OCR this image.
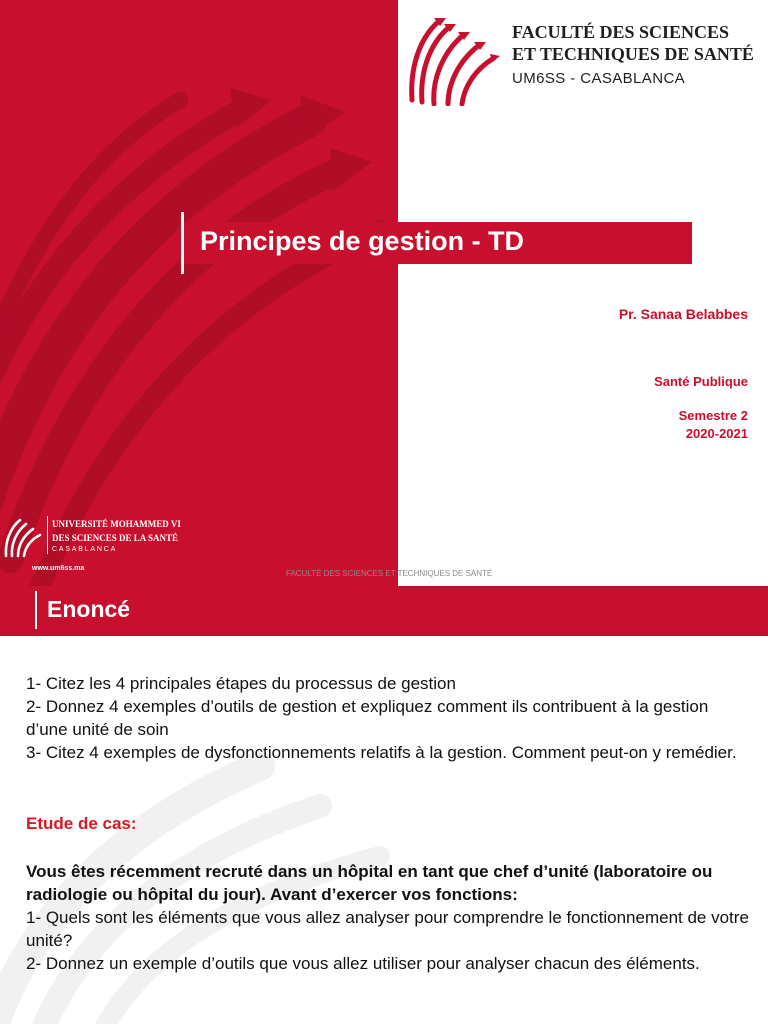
Principes de gestion - TD
Pr. Sanaa Belabbes
Santé Publique
Semestre 2
2020-2021
FACULTÉ DES SCIENCES
ET TECHNIQUES DE SANTÉ
UM6SS - CASABLANCA
UNIVERSITÉ MOHAMMED VI
DES SCIENCES DE LA SANTÉ
CASABLANCA
www.um6ss.ma
FACULTÉ DES SCIENCES ET TECHNIQUES DE SANTÉ
Enoncé
1- Citez les 4 principales étapes du processus de gestion
2- Donnez 4 exemples d’outils de gestion et expliquez comment ils contribuent à la gestion d’une unité de soin
3- Citez 4 exemples de dysfonctionnements relatifs à la gestion. Comment peut-on y remédier.
Etude de cas:
Vous êtes récemment recruté dans un hôpital en tant que chef d’unité (laboratoire ou radiologie ou hôpital du jour). Avant d’exercer vos fonctions:
1- Quels sont les éléments que vous allez analyser pour comprendre le fonctionnement de votre unité?
2- Donnez un exemple d’outils que vous allez utiliser pour analyser chacun des éléments.
